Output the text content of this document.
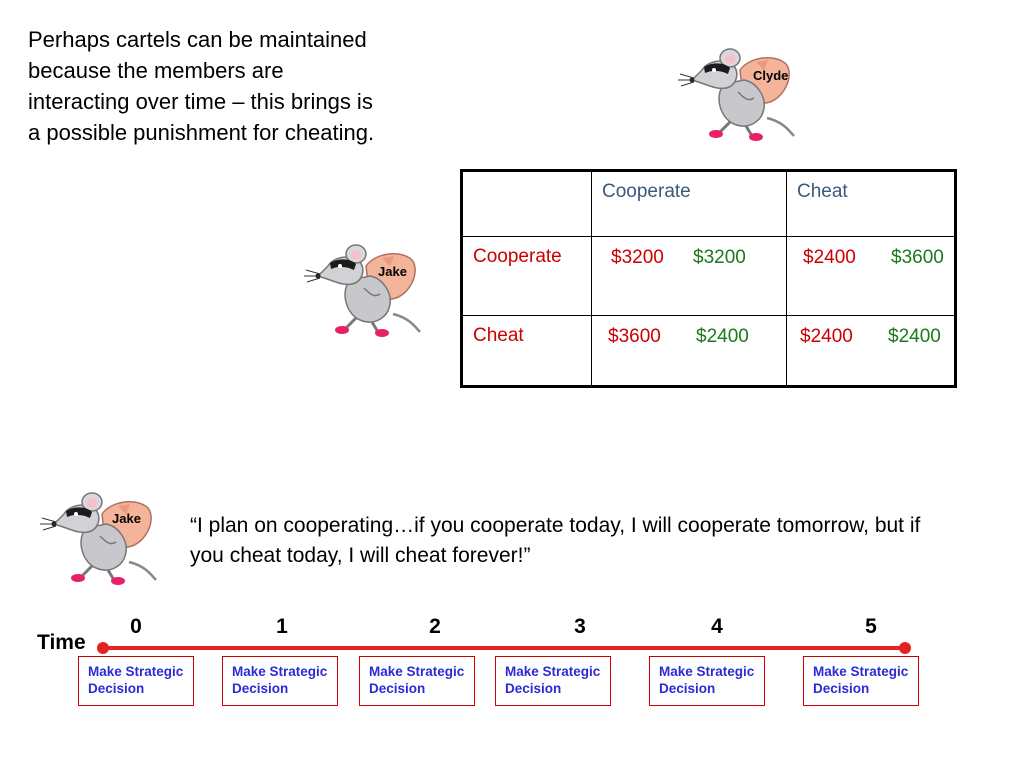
Perhaps cartels can be maintained because the members are interacting over time – this brings is a possible punishment for cheating.

Clyde
Jake
	Cooperate	Cheat
Cooperate	$3200 $3200	$2400 $3600

Cheat	$3600 $2400	$2400 $2400
Jake “I plan on cooperating…if you cooperate today, I will cooperate tomorrow, but if you cheat today, I will cheat forever!”

Time
0	1	2	3	4	5
Make Strategic
Decision
Make Strategic
Decision
Make Strategic
Decision
Make Strategic
Decision
Make Strategic
Decision
Make Strategic
Decision
